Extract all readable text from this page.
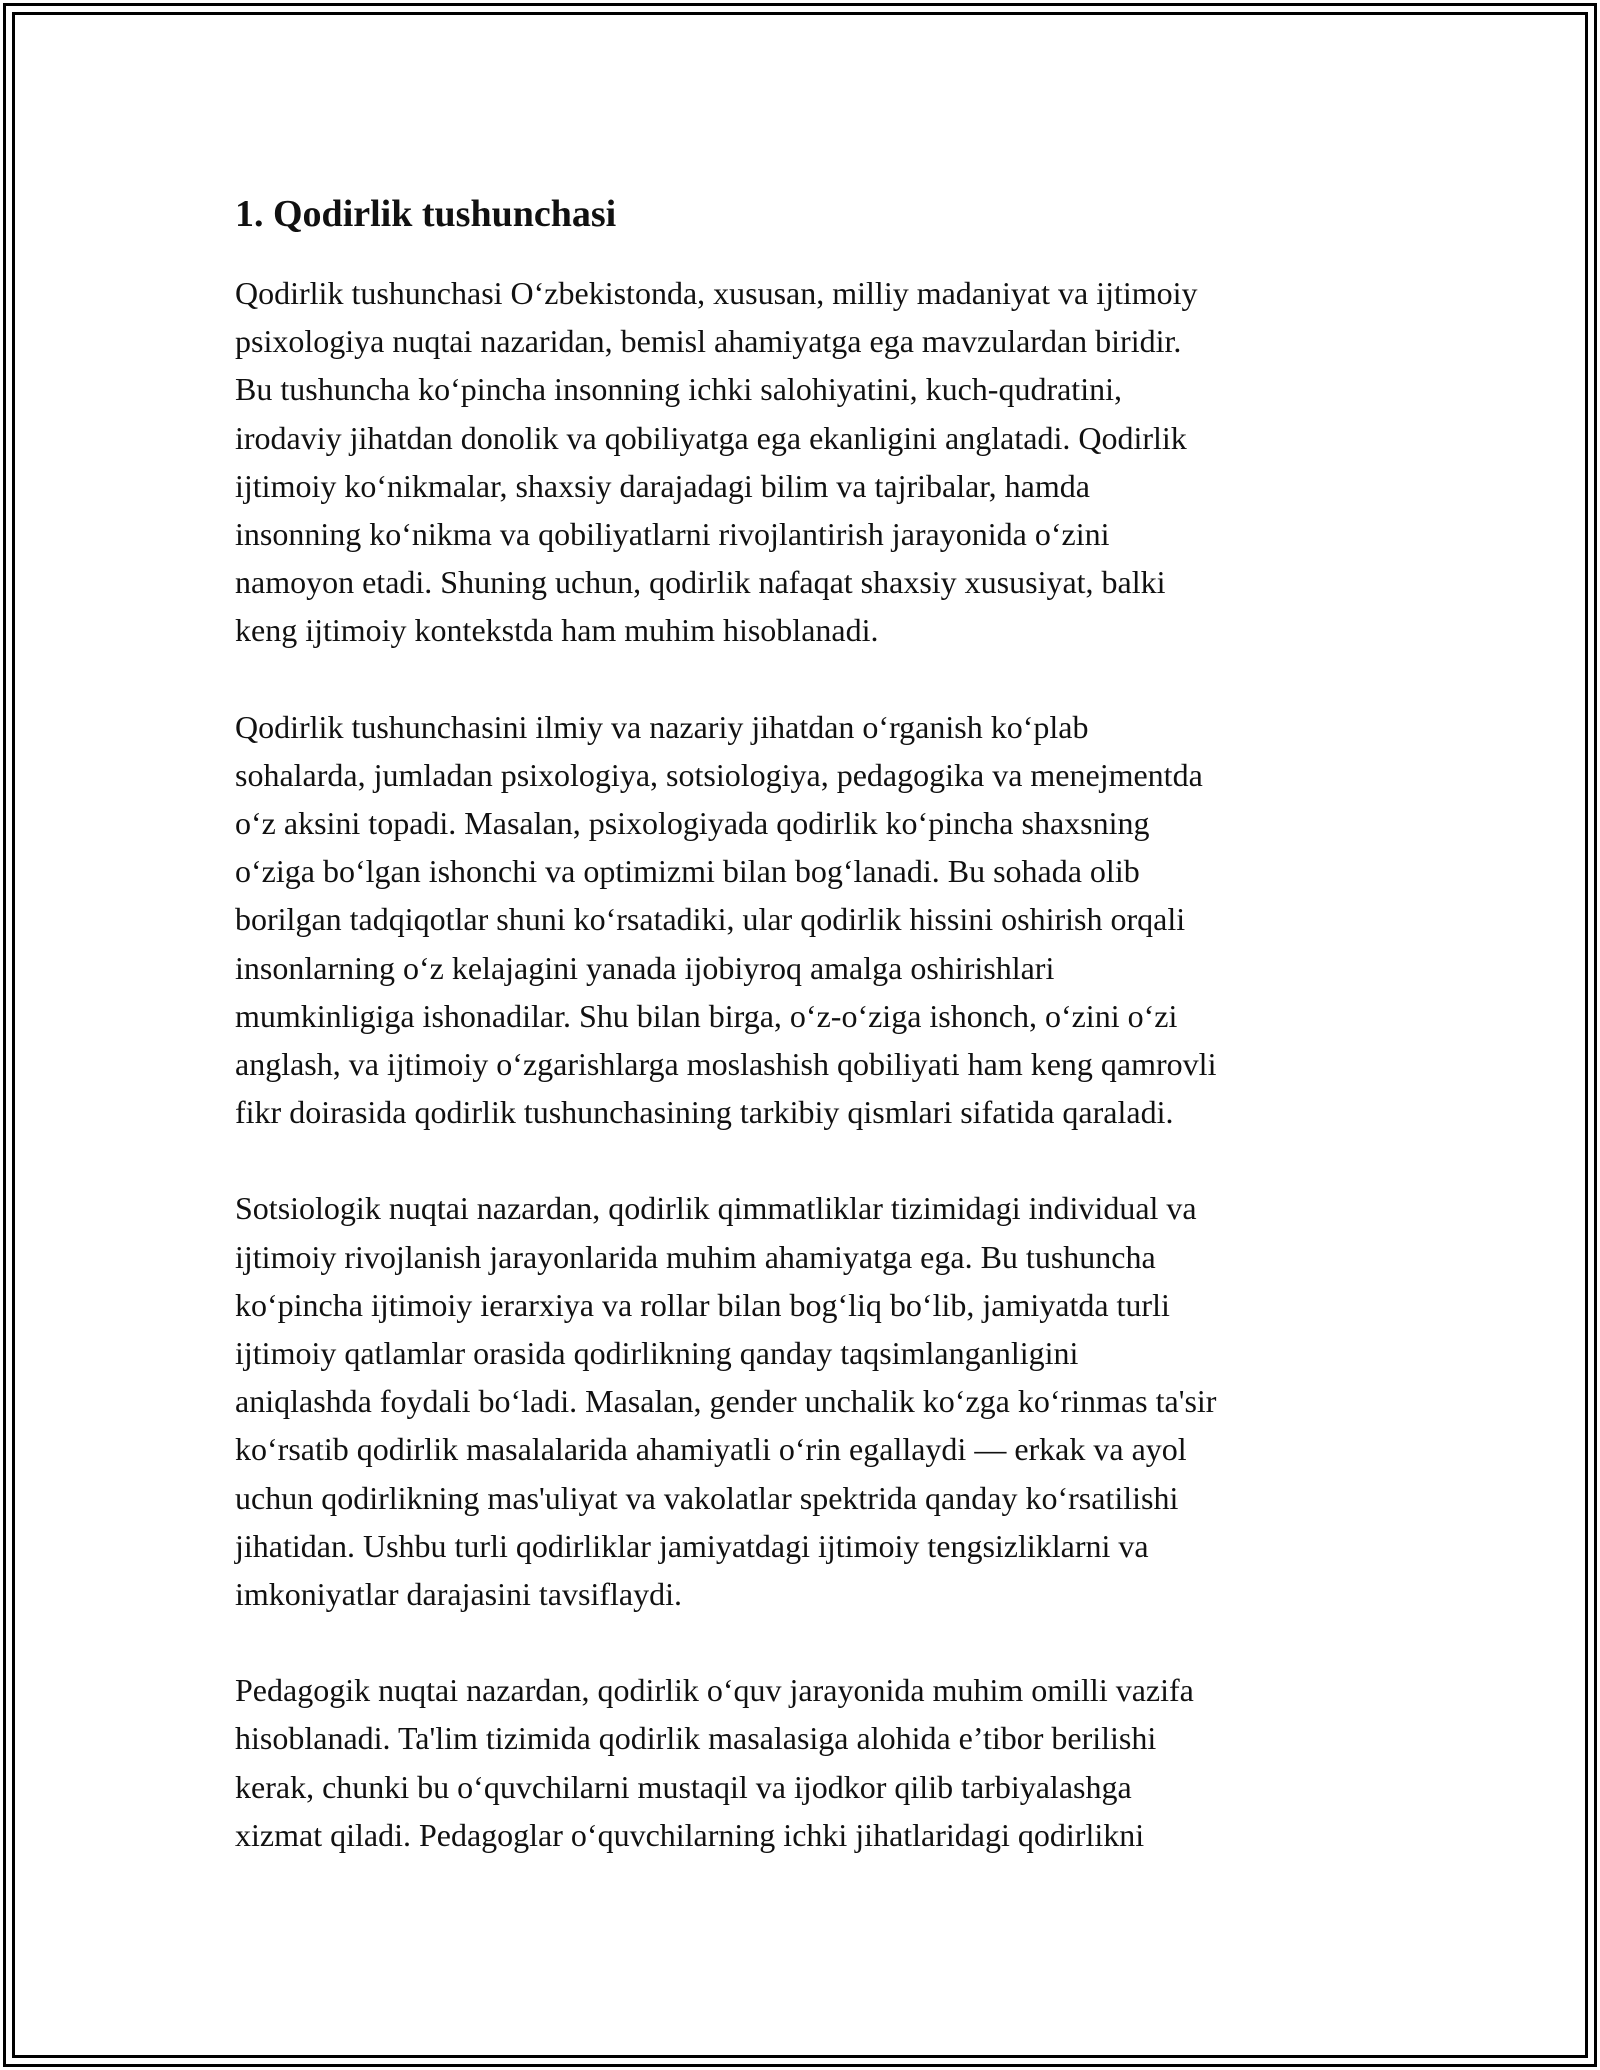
1. Qodirlik tushunchasi

Qodirlik tushunchasi O‘zbekistonda, xususan, milliy madaniyat va ijtimoiy
psixologiya nuqtai nazaridan, bemisl ahamiyatga ega mavzulardan biridir.
Bu tushuncha ko‘pincha insonning ichki salohiyatini, kuch-qudratini,
irodaviy jihatdan donolik va qobiliyatga ega ekanligini anglatadi. Qodirlik
ijtimoiy ko‘nikmalar, shaxsiy darajadagi bilim va tajribalar, hamda
insonning ko‘nikma va qobiliyatlarni rivojlantirish jarayonida o‘zini
namoyon etadi. Shuning uchun, qodirlik nafaqat shaxsiy xususiyat, balki
keng ijtimoiy kontekstda ham muhim hisoblanadi.

Qodirlik tushunchasini ilmiy va nazariy jihatdan o‘rganish ko‘plab
sohalarda, jumladan psixologiya, sotsiologiya, pedagogika va menejmentda
o‘z aksini topadi. Masalan, psixologiyada qodirlik ko‘pincha shaxsning
o‘ziga bo‘lgan ishonchi va optimizmi bilan bog‘lanadi. Bu sohada olib
borilgan tadqiqotlar shuni ko‘rsatadiki, ular qodirlik hissini oshirish orqali
insonlarning o‘z kelajagini yanada ijobiyroq amalga oshirishlari
mumkinligiga ishonadilar. Shu bilan birga, o‘z-o‘ziga ishonch, o‘zini o‘zi
anglash, va ijtimoiy o‘zgarishlarga moslashish qobiliyati ham keng qamrovli
fikr doirasida qodirlik tushunchasining tarkibiy qismlari sifatida qaraladi.

Sotsiologik nuqtai nazardan, qodirlik qimmatliklar tizimidagi individual va
ijtimoiy rivojlanish jarayonlarida muhim ahamiyatga ega. Bu tushuncha
ko‘pincha ijtimoiy ierarxiya va rollar bilan bog‘liq bo‘lib, jamiyatda turli
ijtimoiy qatlamlar orasida qodirlikning qanday taqsimlanganligini
aniqlashda foydali bo‘ladi. Masalan, gender unchalik ko‘zga ko‘rinmas ta'sir
ko‘rsatib qodirlik masalalarida ahamiyatli o‘rin egallaydi — erkak va ayol
uchun qodirlikning mas'uliyat va vakolatlar spektrida qanday ko‘rsatilishi
jihatidan. Ushbu turli qodirliklar jamiyatdagi ijtimoiy tengsizliklarni va
imkoniyatlar darajasini tavsiflaydi.

Pedagogik nuqtai nazardan, qodirlik o‘quv jarayonida muhim omilli vazifa
hisoblanadi. Ta'lim tizimida qodirlik masalasiga alohida e’tibor berilishi
kerak, chunki bu o‘quvchilarni mustaqil va ijodkor qilib tarbiyalashga
xizmat qiladi. Pedagoglar o‘quvchilarning ichki jihatlaridagi qodirlikni
